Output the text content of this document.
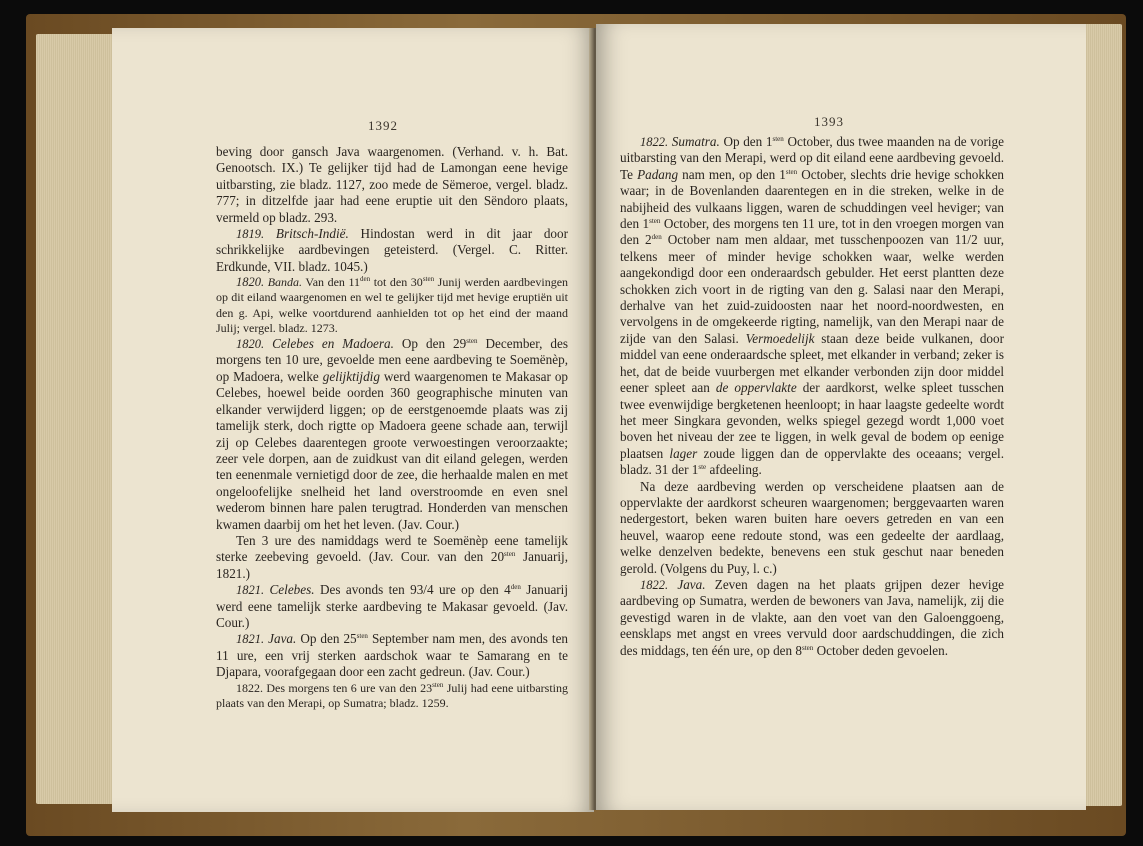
1392

beving door gansch Java waargenomen. (Verhand. v. h. Bat. Genootsch. IX.) Te gelijker tijd had de Lamongan eene hevige uitbarsting, zie bladz. 1127, zoo mede de Sëmeroe, vergel. bladz. 777; in ditzelfde jaar had eene eruptie uit den Sëndoro plaats, vermeld op bladz. 293.

1819. Britsch-Indië. Hindostan werd in dit jaar door schrikkelijke aardbevingen geteisterd. (Vergel. C. Ritter. Erdkunde, VII. bladz. 1045.)

1820. Banda. Van den $11^{den}$ tot den $30^{sten}$ Junij werden aardbevingen op dit eiland waargenomen en wel te gelijker tijd met hevige eruptiën uit den g. Api, welke voortdurend aanhielden tot op het eind der maand Julij; vergel. bladz. 1273.

1820. Celebes en Madoera. Op den $29^{sten}$ December, des morgens ten 10 ure, gevoelde men eene aardbeving te Soemënèp, op Madoera, welke gelijktijdig werd waargenomen te Makasar op Celebes, hoewel beide oorden 360 geographische minuten van elkander verwijderd liggen; op de eerstgenoemde plaats was zij tamelijk sterk, doch rigtte op Madoera geene schade aan, terwijl zij op Celebes daarentegen groote verwoestingen veroorzaakte; zeer vele dorpen, aan de zuidkust van dit eiland gelegen, werden ten eenenmale vernietigd door de zee, die herhaalde malen en met ongeloofelijke snelheid het land overstroomde en even snel wederom binnen hare palen terugtrad. Honderden van menschen kwamen daarbij om het het leven. (Jav. Cour.)

Ten 3 ure des namiddags werd te Soemënèp eene tamelijk sterke zeebeving gevoeld. (Jav. Cour. van den $20^{sten}$ Januarij, 1821.)

1821. Celebes. Des avonds ten 93/4 ure op den $4^{den}$ Januarij werd eene tamelijk sterke aardbeving te Makasar gevoeld. (Jav. Cour.)

1821. Java. Op den $25^{sten}$ September nam men, des avonds ten 11 ure, een vrij sterken aardschok waar te Samarang en te Djapara, voorafgegaan door een zacht gedreun. (Jav. Cour.)

1822. Des morgens ten 6 ure van den $23^{sten}$ Julij had eene uitbarsting plaats van den Merapi, op Sumatra; bladz. 1259.

1393

1822. Sumatra. Op den $1^{sten}$ October, dus twee maanden na de vorige uitbarsting van den Merapi, werd op dit eiland eene aardbeving gevoeld. Te Padang nam men, op den $1^{sten}$ October, slechts drie hevige schokken waar; in de Bovenlanden daarentegen en in die streken, welke in de nabijheid des vulkaans liggen, waren de schuddingen veel heviger; van den $1^{sten}$ October, des morgens ten 11 ure, tot in den vroegen morgen van den $2^{den}$ October nam men aldaar, met tusschenpoozen van 11/2 uur, telkens meer of minder hevige schokken waar, welke werden aangekondigd door een onderaardsch gebulder. Het eerst plantten deze schokken zich voort in de rigting van den g. Salasi naar den Merapi, derhalve van het zuid-zuidoosten naar het noord-noordwesten, en vervolgens in de omgekeerde rigting, namelijk, van den Merapi naar de zijde van den Salasi. Vermoedelijk staan deze beide vulkanen, door middel van eene onderaardsche spleet, met elkander in verband; zeker is het, dat de beide vuurbergen met elkander verbonden zijn door middel eener spleet aan de oppervlakte der aardkorst, welke spleet tusschen twee evenwijdige bergketenen heenloopt; in haar laagste gedeelte wordt het meer Singkara gevonden, welks spiegel gezegd wordt 1,000 voet boven het niveau der zee te liggen, in welk geval de bodem op eenige plaatsen lager zoude liggen dan de oppervlakte des oceaans; vergel. bladz. 31 der 1ste afdeeling.

Na deze aardbeving werden op verscheidene plaatsen aan de oppervlakte der aardkorst scheuren waargenomen; berggevaarten waren nedergestort, beken waren buiten hare oevers getreden en van een heuvel, waarop eene redoute stond, was een gedeelte der aardlaag, welke denzelven bedekte, benevens een stuk geschut naar beneden gerold. (Volgens du Puy, l. c.)

1822. Java. Zeven dagen na het plaats grijpen dezer hevige aardbeving op Sumatra, werden de bewoners van Java, namelijk, zij die gevestigd waren in de vlakte, aan den voet van den Galoenggoeng, eensklaps met angst en vrees vervuld door aardschuddingen, die zich des middags, ten één ure, op den $8^{sten}$ October deden gevoelen.
